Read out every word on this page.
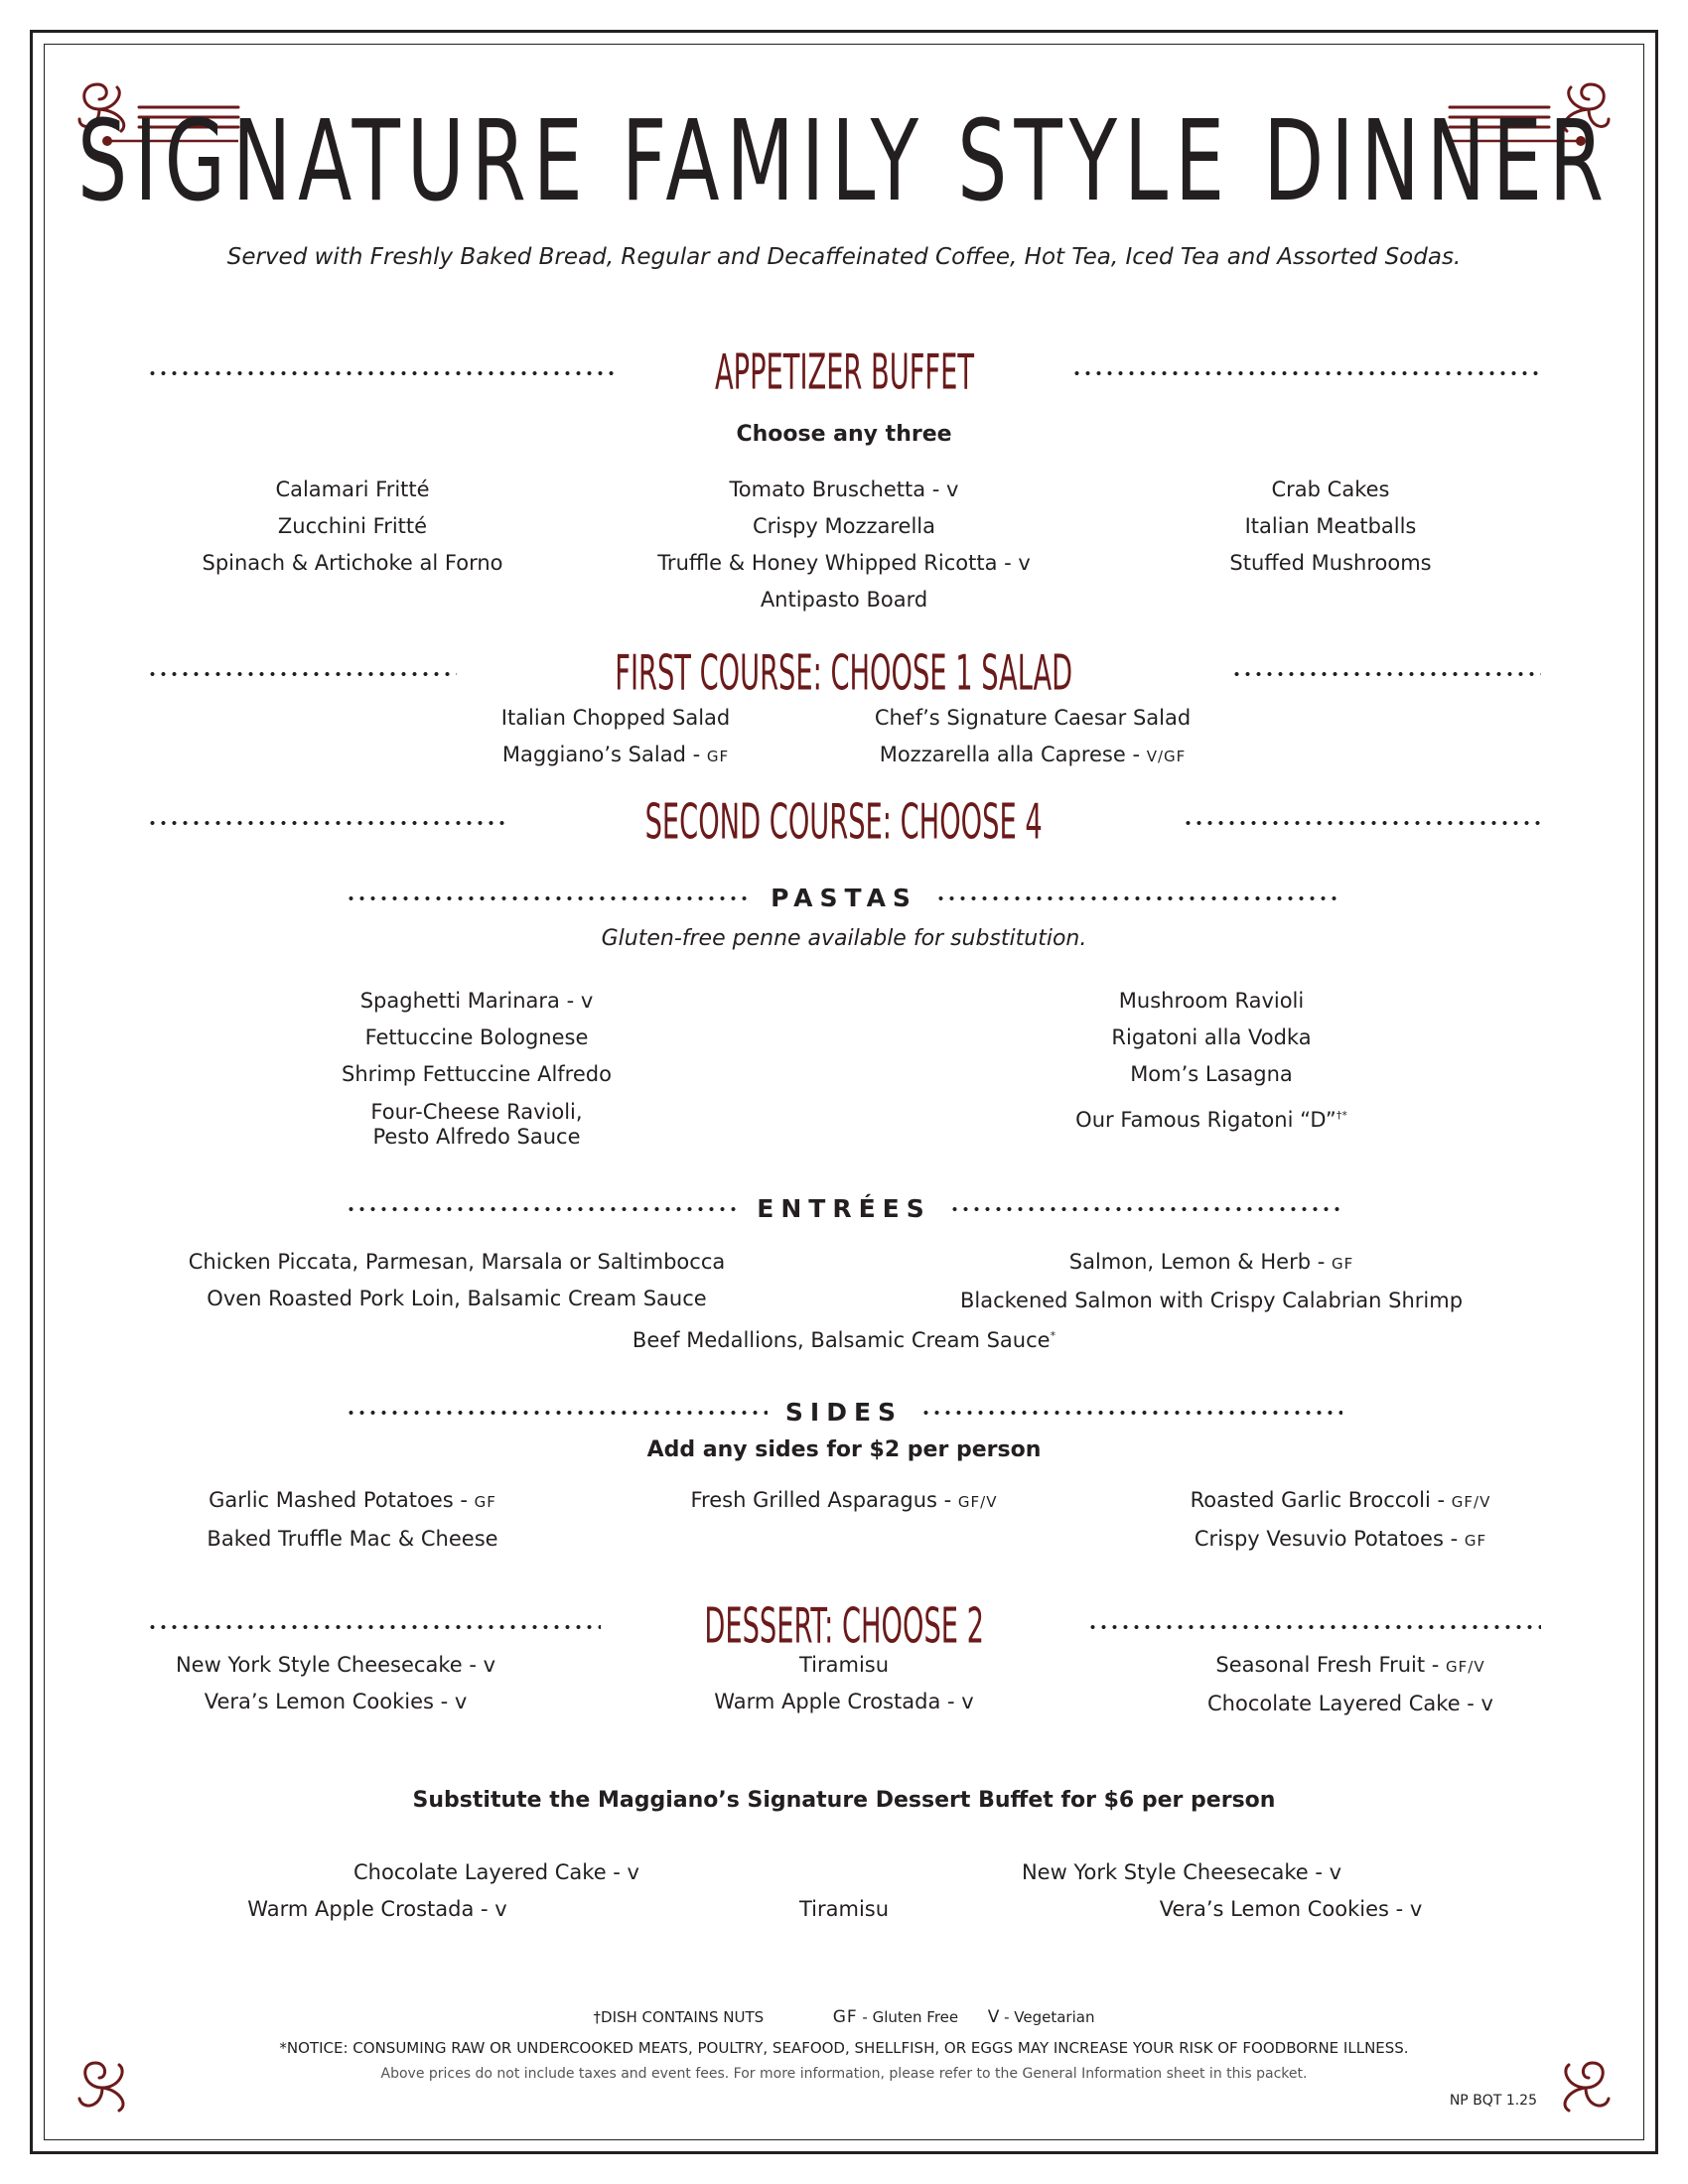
SIGNATURE FAMILY STYLE DINNER
Served with Freshly Baked Bread, Regular and Decaffeinated Coffee, Hot Tea, Iced Tea and Assorted Sodas.
APPETIZER BUFFET
Choose any three
Calamari Fritté
Zucchini Fritté
Spinach & Artichoke al Forno
Tomato Bruschetta - v
Crispy Mozzarella
Truffle & Honey Whipped Ricotta - v
Antipasto Board
Crab Cakes
Italian Meatballs
Stuffed Mushrooms
FIRST COURSE: CHOOSE 1 SALAD
Italian Chopped Salad
Maggiano’s Salad - GF
Chef’s Signature Caesar Salad
Mozzarella alla Caprese - V/GF
SECOND COURSE: CHOOSE 4
PASTAS
Gluten-free penne available for substitution.
Spaghetti Marinara - v
Fettuccine Bolognese
Shrimp Fettuccine Alfredo
Four-Cheese Ravioli,
Pesto Alfredo Sauce
Mushroom Ravioli
Rigatoni alla Vodka
Mom’s Lasagna
Our Famous Rigatoni “D”†*
ENTRÉES
Chicken Piccata, Parmesan, Marsala or Saltimbocca
Oven Roasted Pork Loin, Balsamic Cream Sauce
Salmon, Lemon & Herb - GF
Blackened Salmon with Crispy Calabrian Shrimp
Beef Medallions, Balsamic Cream Sauce*
SIDES
Add any sides for $2 per person
Garlic Mashed Potatoes - GF
Baked Truffle Mac & Cheese
Fresh Grilled Asparagus - GF/V	Roasted Garlic Broccoli - GF/V
Crispy Vesuvio Potatoes - GF
DESSERT: CHOOSE 2
New York Style Cheesecake - v
Vera’s Lemon Cookies - v
Tiramisu
Warm Apple Crostada - v
Seasonal Fresh Fruit - GF/V
Chocolate Layered Cake - v
Substitute the Maggiano’s Signature Dessert Buffet for $6 per person
Chocolate Layered Cake - v	New York Style Cheesecake - v
Warm Apple Crostada - v	Tiramisu	Vera’s Lemon Cookies - v
†DISH CONTAINS NUTS	GF - Gluten Free V - Vegetarian
*NOTICE: CONSUMING RAW OR UNDERCOOKED MEATS, POULTRY, SEAFOOD, SHELLFISH, OR EGGS MAY INCREASE YOUR RISK OF FOODBORNE ILLNESS.
Above prices do not include taxes and event fees. For more information, please refer to the General Information sheet in this packet.
NP BQT 1.25
